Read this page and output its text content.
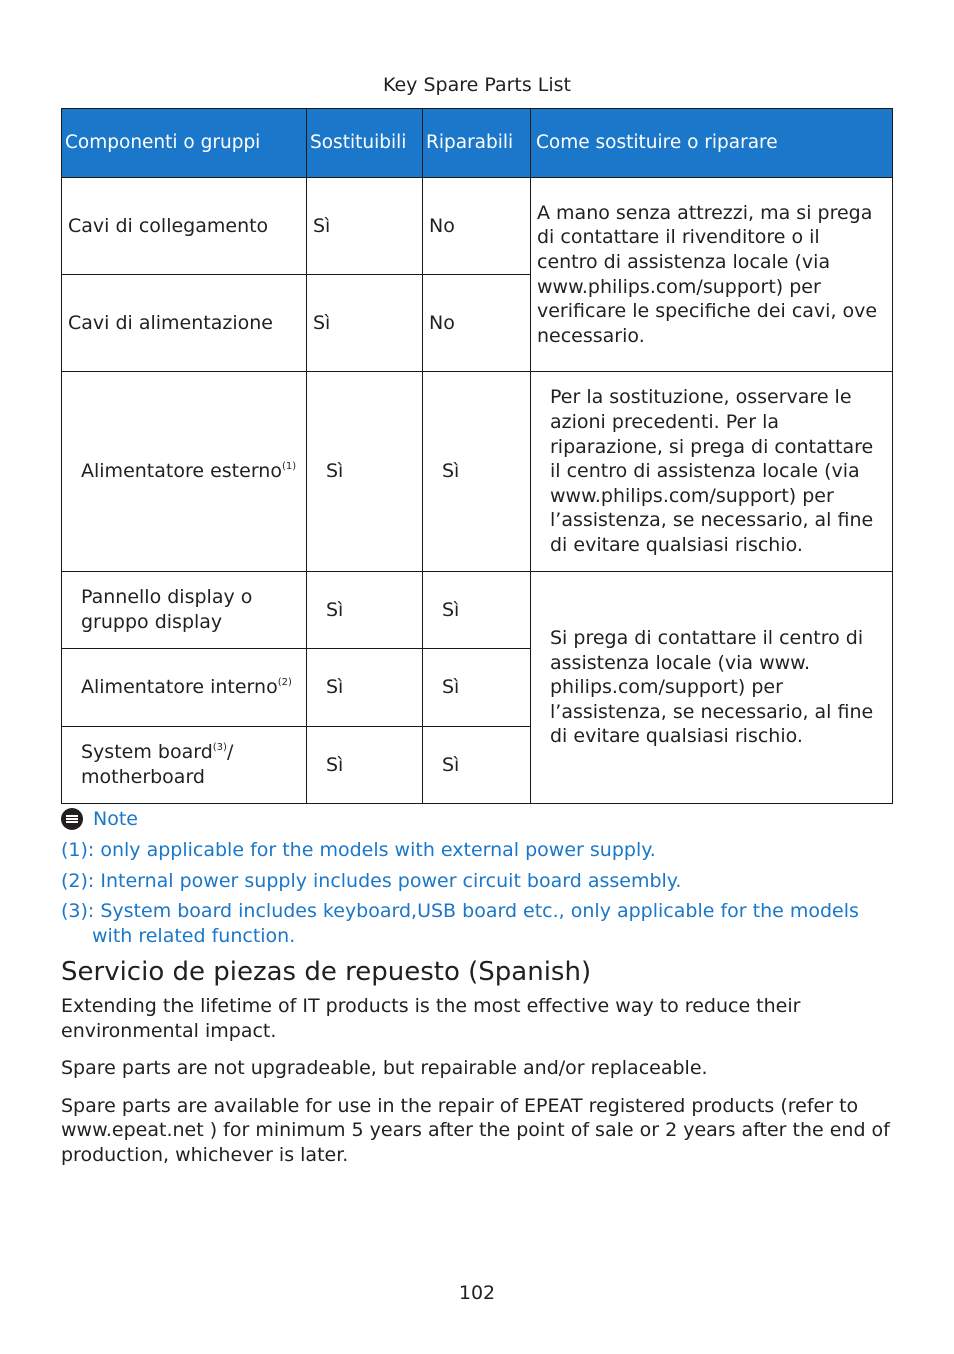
Key Spare Parts List
Componenti o gruppi	Sostituibili	Riparabili	Come sostituire o riparare
Cavi di collegamento	Sì	No	A mano senza attrezzi, ma si prega di contattare il rivenditore o il centro di assistenza locale (via www.philips.com/support) per verificare le specifiche dei cavi, ove necessario.
Cavi di alimentazione	Sì	No	
Alimentatore esterno$^{(1)}$	Sì	Sì	Per la sostituzione, osservare le azioni precedenti. Per la riparazione, si prega di contattare il centro di assistenza locale (via www.philips.com/support) per l’assistenza, se necessario, al fine di evitare qualsiasi rischio.
Pannello display o gruppo display	Sì	Sì	Si prega di contattare il centro di assistenza locale (via www. philips.com/support) per l’assistenza, se necessario, al fine di evitare qualsiasi rischio.
Alimentatore interno$^{(2)}$	Sì	Sì	
System board$^{(3)}$/ motherboard	Sì	Sì	
Note
(1): only applicable for the models with external power supply.
(2): Internal power supply includes power circuit board assembly.
(3): System board includes keyboard,USB board etc., only applicable for the models with related function.
Servicio de piezas de repuesto (Spanish)

Extending the lifetime of IT products is the most effective way to reduce their environmental impact.

Spare parts are not upgradeable, but repairable and/or replaceable.

Spare parts are available for use in the repair of EPEAT registered products (refer to www.epeat.net ) for minimum 5 years after the point of sale or 2 years after the end of production, whichever is later.

102
